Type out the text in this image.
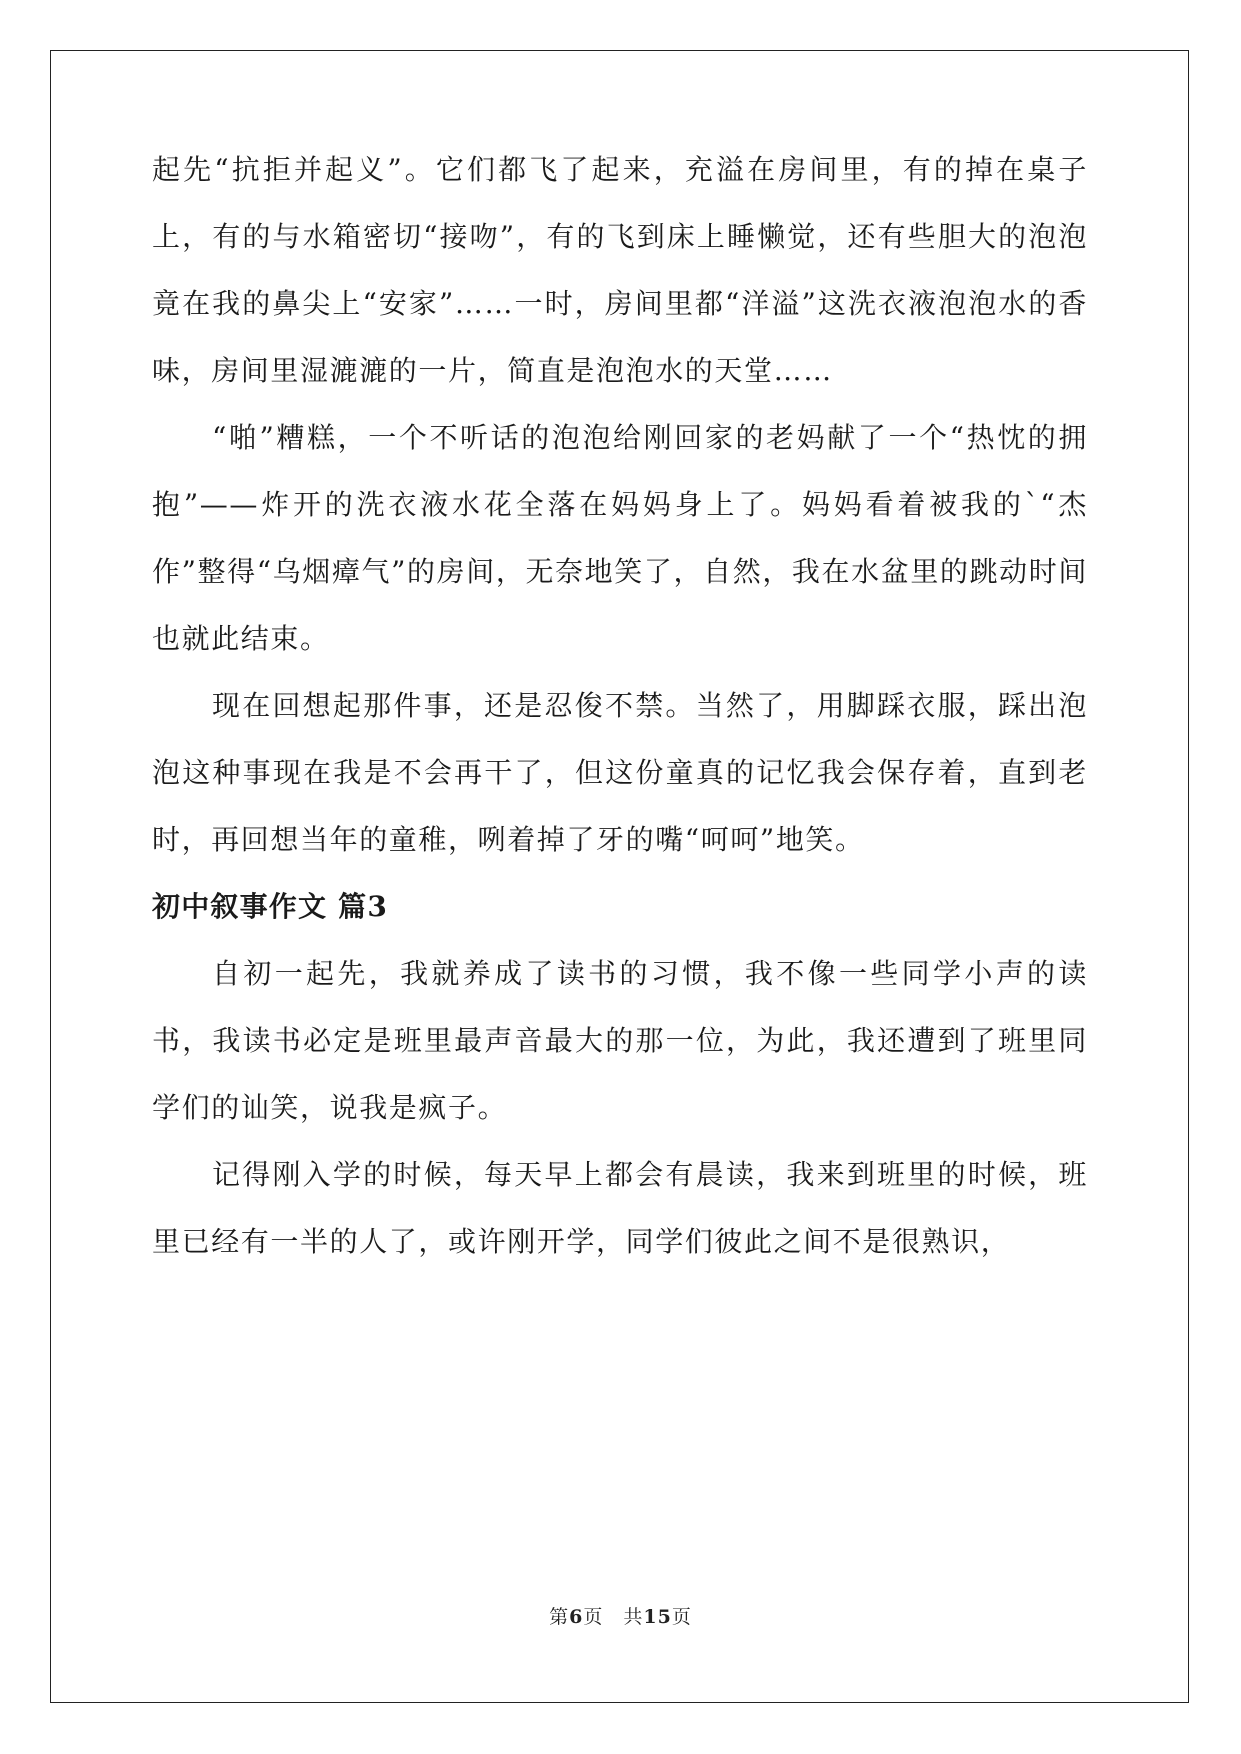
起先“抗拒并起义”。它们都飞了起来，充溢在房间里，有的掉在桌子上，有的与水箱密切“接吻”，有的飞到床上睡懒觉，还有些胆大的泡泡竟在我的鼻尖上“安家”……一时，房间里都“洋溢”这洗衣液泡泡水的香味，房间里湿漉漉的一片，简直是泡泡水的天堂……

“啪”糟糕，一个不听话的泡泡给刚回家的老妈献了一个“热忱的拥抱”——炸开的洗衣液水花全落在妈妈身上了。妈妈看着被我的`“杰作”整得“乌烟瘴气”的房间，无奈地笑了，自然，我在水盆里的跳动时间也就此结束。

现在回想起那件事，还是忍俊不禁。当然了，用脚踩衣服，踩出泡泡这种事现在我是不会再干了，但这份童真的记忆我会保存着，直到老时，再回想当年的童稚，咧着掉了牙的嘴“呵呵”地笑。

初中叙事作文 篇3

自初一起先，我就养成了读书的习惯，我不像一些同学小声的读书，我读书必定是班里最声音最大的那一位，为此，我还遭到了班里同学们的讪笑，说我是疯子。

记得刚入学的时候，每天早上都会有晨读，我来到班里的时候，班里已经有一半的人了，或许刚开学，同学们彼此之间不是很熟识，

第6页　共15页
